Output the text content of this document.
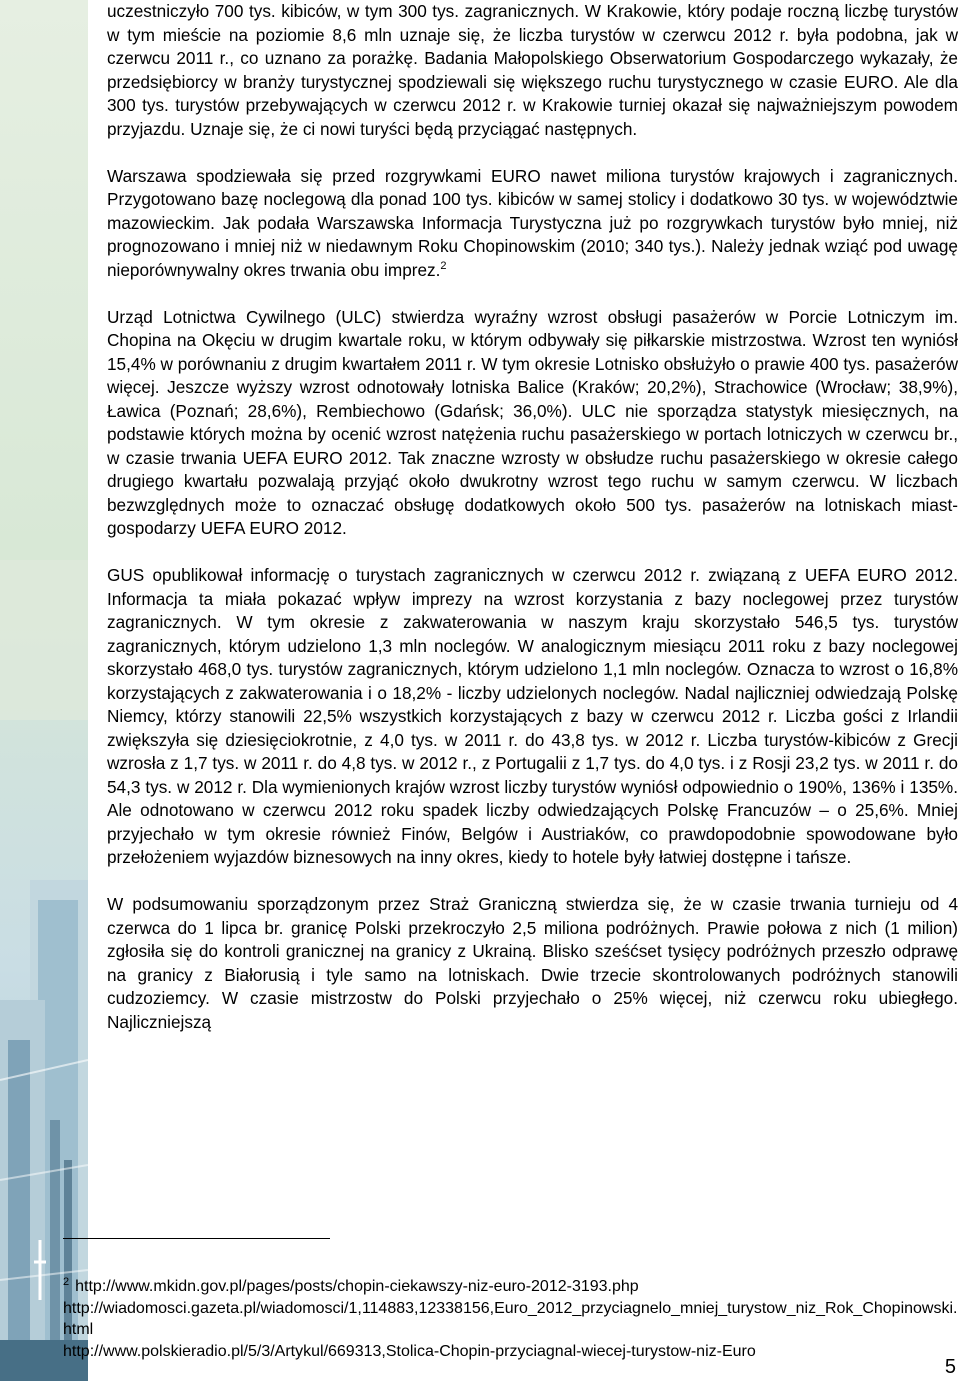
uczestniczyło 700 tys. kibiców, w tym 300 tys. zagranicznych. W Krakowie, który podaje roczną liczbę turystów w tym mieście na poziomie 8,6 mln uznaje się, że liczba turystów w czerwcu 2012 r. była podobna, jak w czerwcu 2011 r., co uznano za porażkę. Badania Małopolskiego Obserwatorium Gospodarczego wykazały, że przedsiębiorcy w branży turystycznej spodziewali się większego ruchu turystycznego w czasie EURO. Ale dla 300 tys. turystów przebywających w czerwcu 2012 r. w Krakowie turniej okazał się najważniejszym powodem przyjazdu. Uznaje się, że ci nowi turyści będą przyciągać następnych.

Warszawa spodziewała się przed rozgrywkami EURO nawet miliona turystów krajowych i zagranicznych. Przygotowano bazę noclegową dla ponad 100 tys. kibiców w samej stolicy i dodatkowo 30 tys. w województwie mazowieckim. Jak podała Warszawska Informacja Turystyczna już po rozgrywkach turystów było mniej, niż prognozowano i mniej niż w niedawnym Roku Chopinowskim (2010; 340 tys.). Należy jednak wziąć pod uwagę nieporównywalny okres trwania obu imprez.$^2$

Urząd Lotnictwa Cywilnego (ULC) stwierdza wyraźny wzrost obsługi pasażerów w Porcie Lotniczym im. Chopina na Okęciu w drugim kwartale roku, w którym odbywały się piłkarskie mistrzostwa. Wzrost ten wyniósł 15,4% w porównaniu z drugim kwartałem 2011 r. W tym okresie Lotnisko obsłużyło o prawie 400 tys. pasażerów więcej. Jeszcze wyższy wzrost odnotowały lotniska Balice (Kraków; 20,2%), Strachowice (Wrocław; 38,9%), Ławica (Poznań; 28,6%), Rembiechowo (Gdańsk; 36,0%). ULC nie sporządza statystyk miesięcznych, na podstawie których można by ocenić wzrost natężenia ruchu pasażerskiego w portach lotniczych w czerwcu br., w czasie trwania UEFA EURO 2012. Tak znaczne wzrosty w obsłudze ruchu pasażerskiego w okresie całego drugiego kwartału pozwalają przyjąć około dwukrotny wzrost tego ruchu w samym czerwcu. W liczbach bezwzględnych może to oznaczać obsługę dodatkowych około 500 tys. pasażerów na lotniskach miast-gospodarzy UEFA EURO 2012.

GUS opublikował informację o turystach zagranicznych w czerwcu 2012 r. związaną z UEFA EURO 2012. Informacja ta miała pokazać wpływ imprezy na wzrost korzystania z bazy noclegowej przez turystów zagranicznych. W tym okresie z zakwaterowania w naszym kraju skorzystało 546,5 tys. turystów zagranicznych, którym udzielono 1,3 mln noclegów. W analogicznym miesiącu 2011 roku z bazy noclegowej skorzystało 468,0 tys. turystów zagranicznych, którym udzielono 1,1 mln noclegów. Oznacza to wzrost o 16,8% korzystających z zakwaterowania i o 18,2% - liczby udzielonych noclegów. Nadal najliczniej odwiedzają Polskę Niemcy, którzy stanowili 22,5% wszystkich korzystających z bazy w czerwcu 2012 r. Liczba gości z Irlandii zwiększyła się dziesięciokrotnie, z 4,0 tys. w 2011 r. do 43,8 tys. w 2012 r. Liczba turystów-kibiców z Grecji wzrosła z 1,7 tys. w 2011 r. do 4,8 tys. w 2012 r., z Portugalii z 1,7 tys. do 4,0 tys. i z Rosji 23,2 tys. w 2011 r. do 54,3 tys. w 2012 r. Dla wymienionych krajów wzrost liczby turystów wyniósł odpowiednio o 190%, 136% i 135%. Ale odnotowano w czerwcu 2012 roku spadek liczby odwiedzających Polskę Francuzów – o 25,6%. Mniej przyjechało w tym okresie również Finów, Belgów i Austriaków, co prawdopodobnie spowodowane było przełożeniem wyjazdów biznesowych na inny okres, kiedy to hotele były łatwiej dostępne i tańsze.

W podsumowaniu sporządzonym przez Straż Graniczną stwierdza się, że w czasie trwania turnieju od 4 czerwca do 1 lipca br. granicę Polski przekroczyło 2,5 miliona podróżnych. Prawie połowa z nich (1 milion) zgłosiła się do kontroli granicznej na granicy z Ukrainą. Blisko sześćset tysięcy podróżnych przeszło odprawę na granicy z Białorusią i tyle samo na lotniskach. Dwie trzecie skontrolowanych podróżnych stanowili cudzoziemcy. W czasie mistrzostw do Polski przyjechało o 25% więcej, niż czerwcu roku ubiegłego. Najliczniejszą

$^2$ http://www.mkidn.gov.pl/pages/posts/chopin-ciekawszy-niz-euro-2012-3193.php
http://wiadomosci.gazeta.pl/wiadomosci/1,114883,12338156,Euro_2012_przyciagnelo_mniej_turystow_niz_Rok_Chopinowski.html
http://www.polskieradio.pl/5/3/Artykul/669313,Stolica-Chopin-przyciagnal-wiecej-turystow-niz-Euro
5
